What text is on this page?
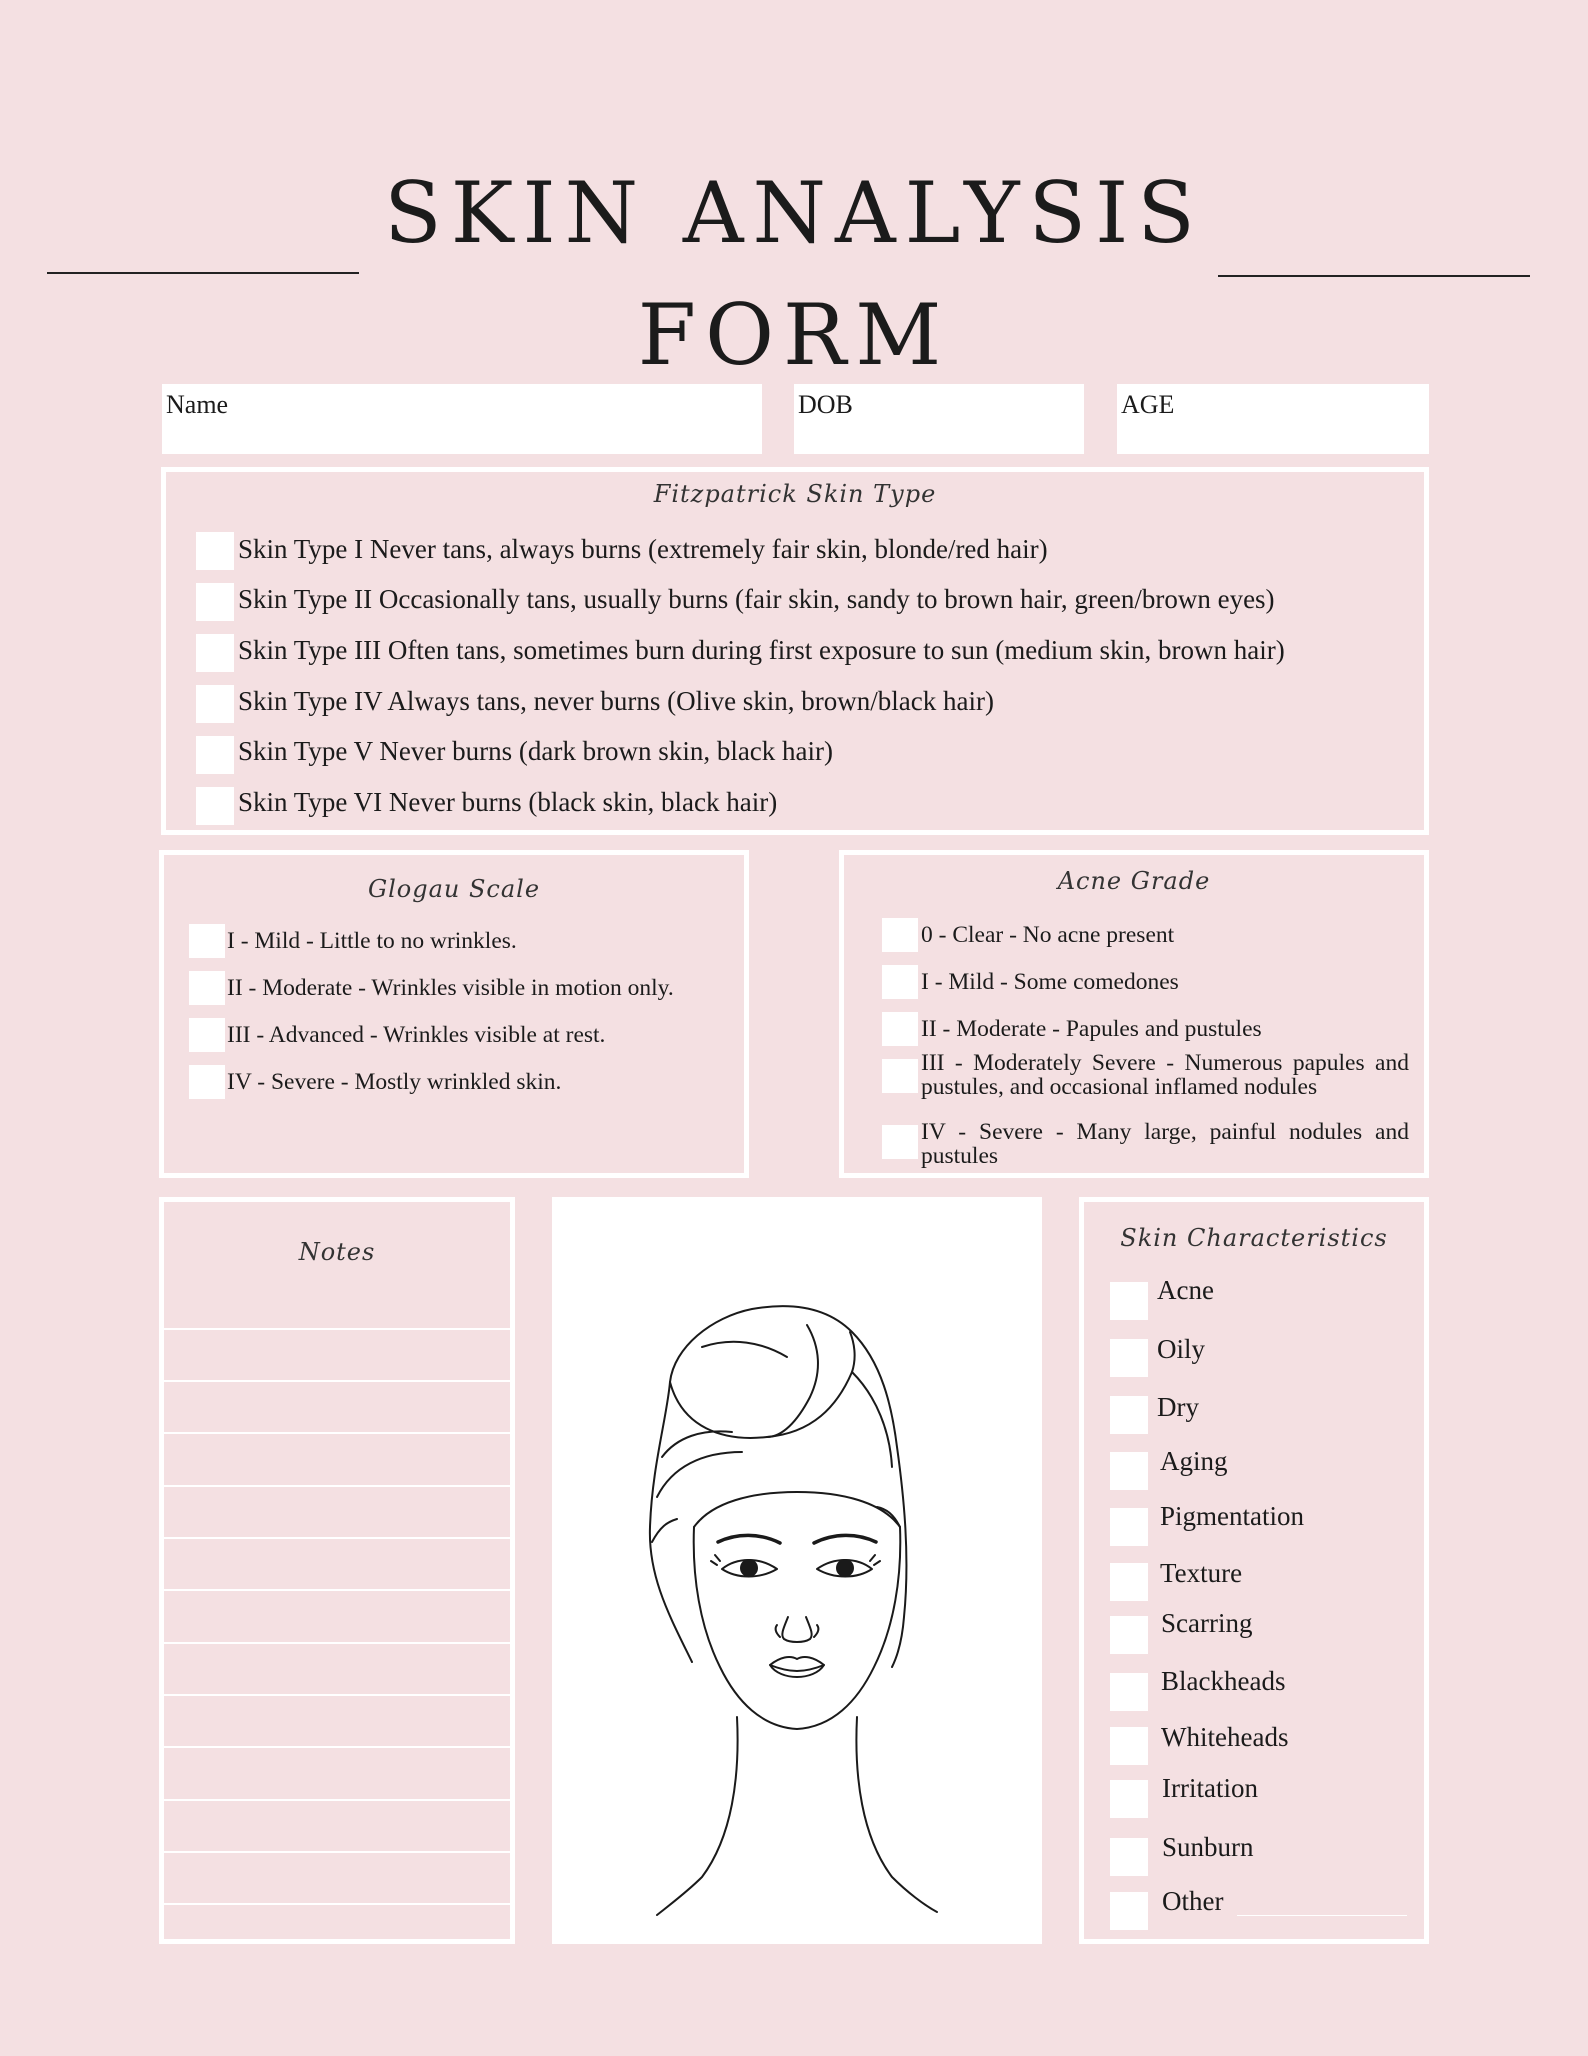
SKIN ANALYSIS
FORM
Name	DOB	AGE
Fitzpatrick Skin Type
Skin Type I Never tans, always burns (extremely fair skin, blonde/red hair)
Skin Type II Occasionally tans, usually burns (fair skin, sandy to brown hair, green/brown eyes)
Skin Type III Often tans, sometimes burn during first exposure to sun (medium skin, brown hair)
Skin Type IV Always tans, never burns (Olive skin, brown/black hair)
Skin Type V Never burns (dark brown skin, black hair)
Skin Type VI Never burns (black skin, black hair)
Glogau Scale
I - Mild - Little to no wrinkles.
II - Moderate - Wrinkles visible in motion only.
III - Advanced - Wrinkles visible at rest.
IV - Severe - Mostly wrinkled skin.
Acne Grade
0 - Clear - No acne present
I - Mild - Some comedones
II - Moderate - Papules and pustules
III - Moderately Severe - Numerous papules and pustules, and occasional inflamed nodules
IV - Severe - Many large, painful nodules and pustules
Notes	Skin Characteristics
Acne
Oily
Dry
Aging
Pigmentation
Texture
Scarring
Blackheads
Whiteheads
Irritation
Sunburn
Other
